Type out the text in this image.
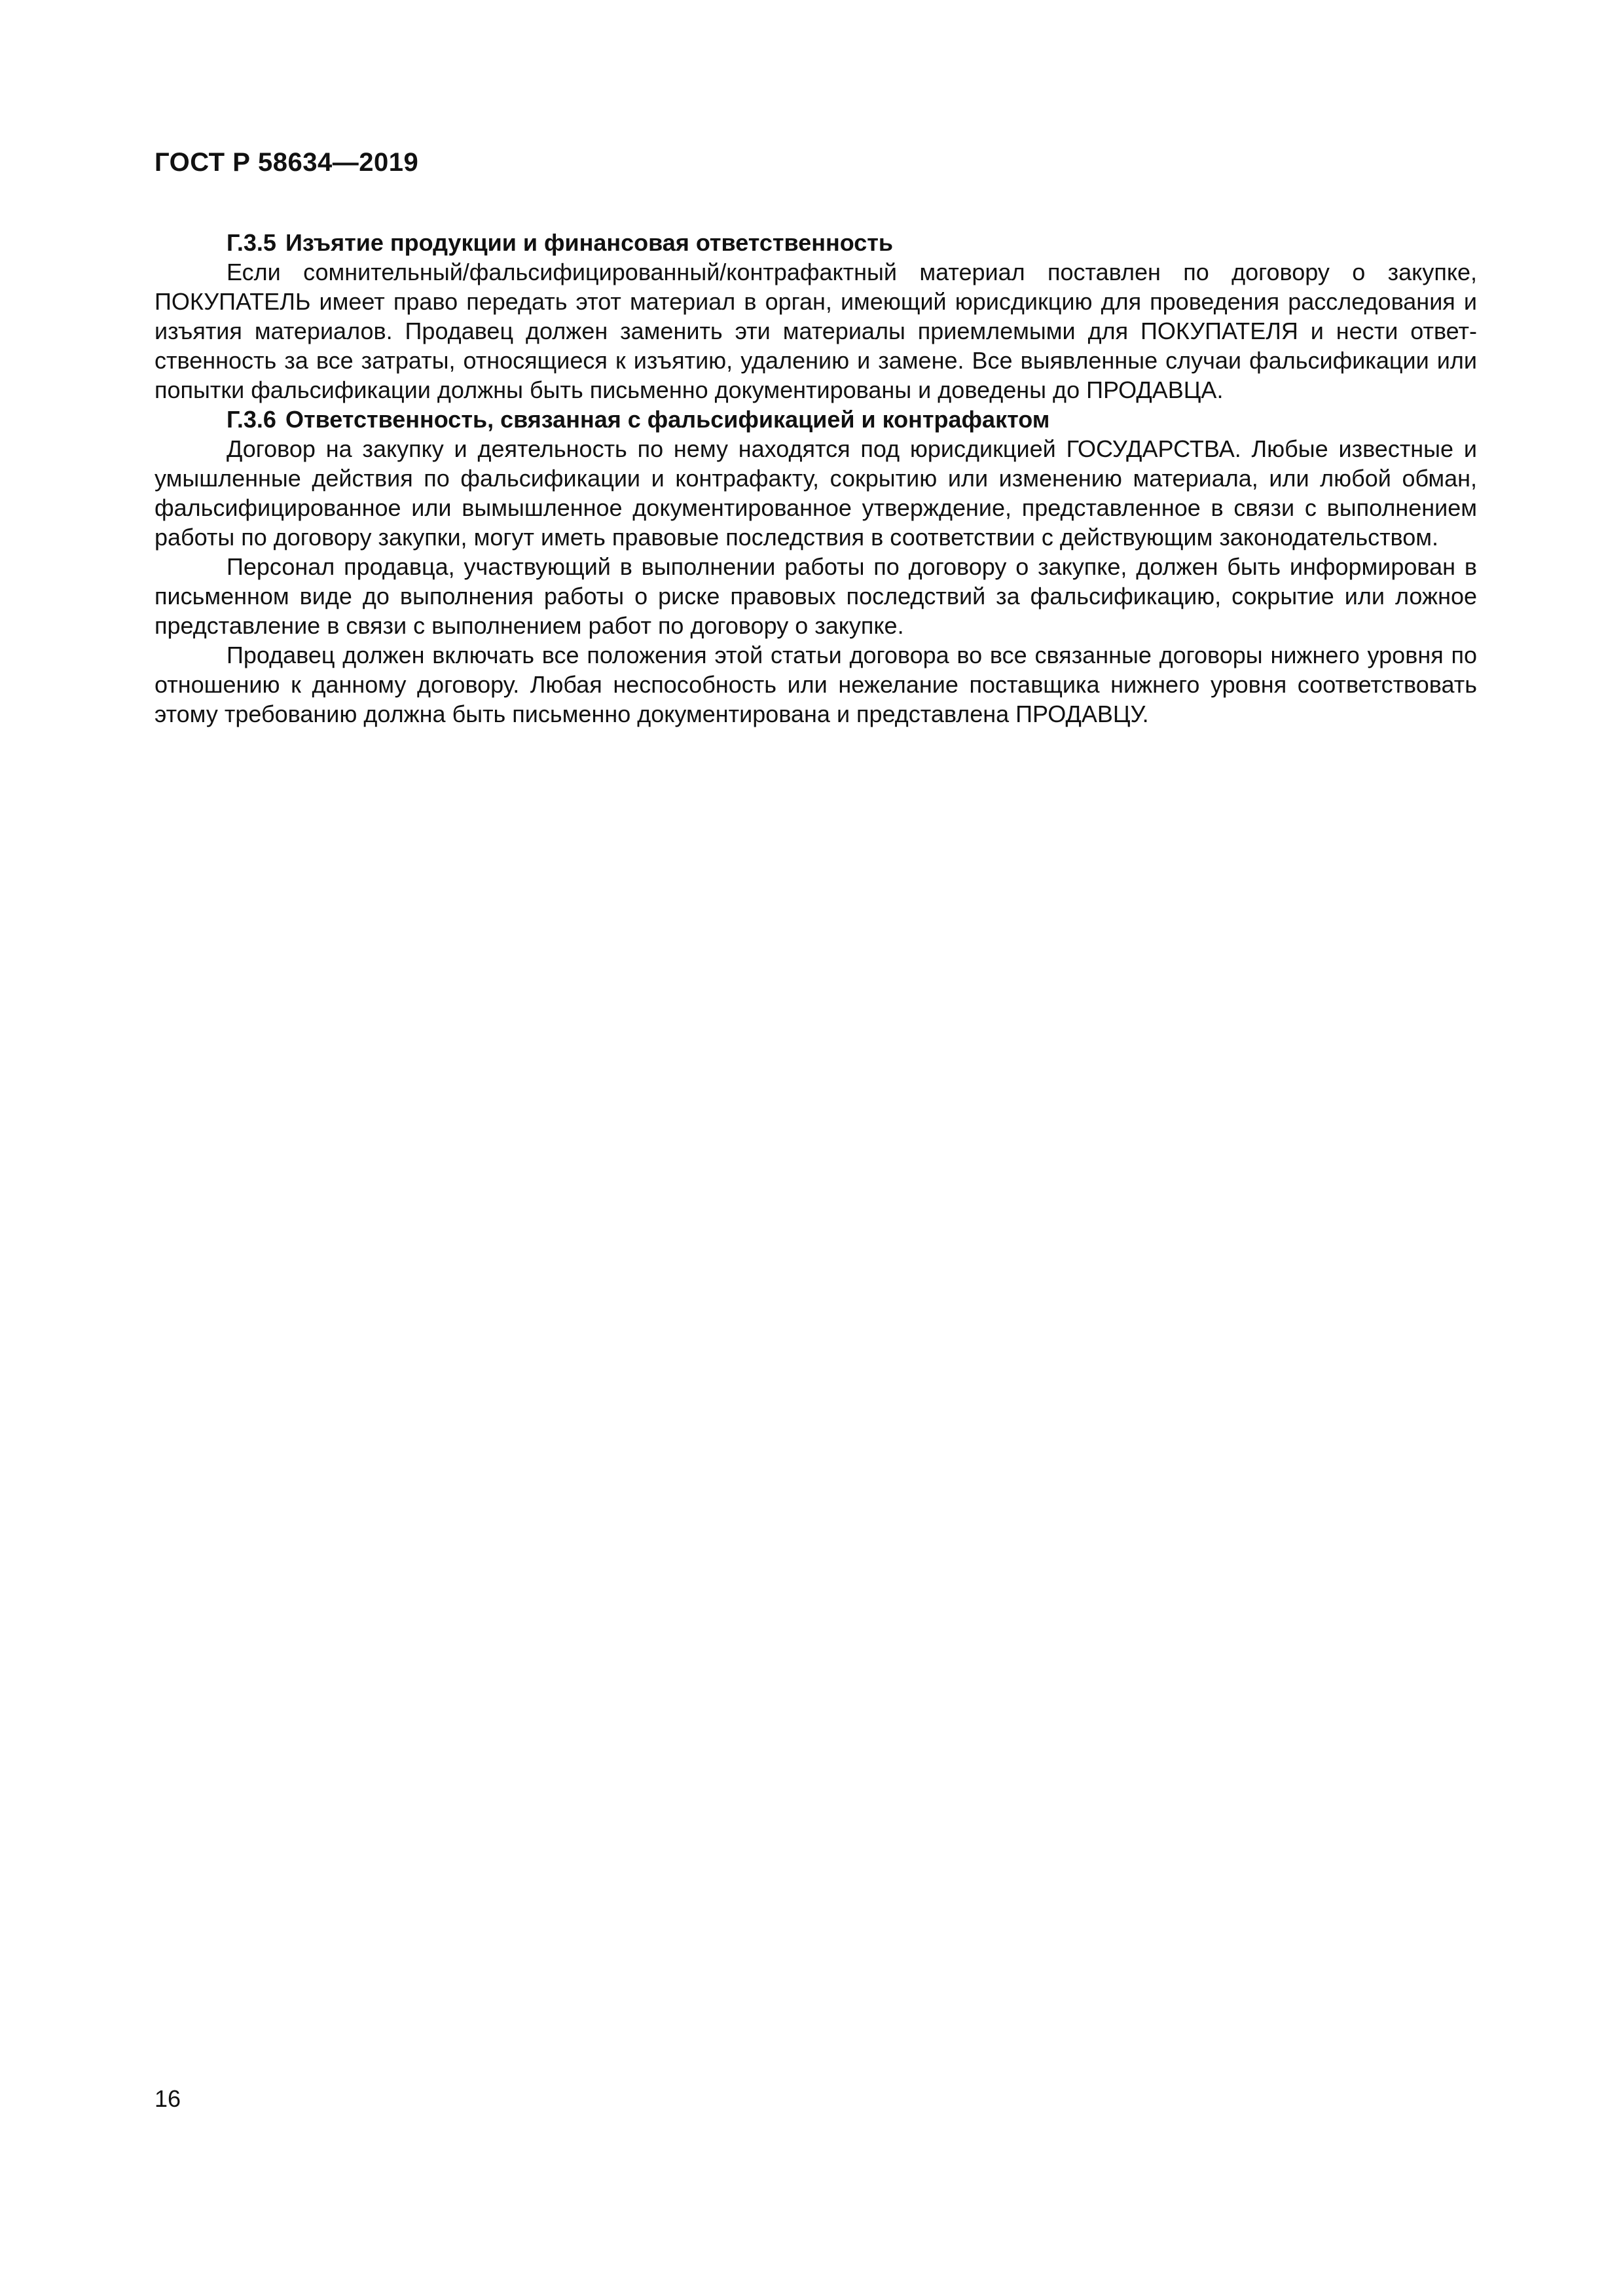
ГОСТ Р 58634—2019
Г.3.5 Изъятие продукции и финансовая ответственность

Если сомнительный/фальсифицированный/контрафактный материал поставлен по договору о закупке, ПОКУПАТЕЛЬ имеет право передать этот материал в орган, имеющий юрисдикцию для проведения расследования и изъятия материалов. Продавец должен заменить эти материалы приемлемыми для ПОКУПАТЕЛЯ и нести ответственность за все затраты, относящиеся к изъятию, удалению и замене. Все выявленные случаи фальсификации или попытки фальсификации должны быть письменно документированы и доведены до ПРОДАВЦА.

Г.3.6 Ответственность, связанная с фальсификацией и контрафактом

Договор на закупку и деятельность по нему находятся под юрисдикцией ГОСУДАРСТВА. Любые известные и умышленные действия по фальсификации и контрафакту, сокрытию или изменению материала, или любой обман, фальсифицированное или вымышленное документированное утверждение, представленное в связи с выполнением работы по договору закупки, могут иметь правовые последствия в соответствии с действующим законодательством.

Персонал продавца, участвующий в выполнении работы по договору о закупке, должен быть информирован в письменном виде до выполнения работы о риске правовых последствий за фальсификацию, сокрытие или ложное представление в связи с выполнением работ по договору о закупке.

Продавец должен включать все положения этой статьи договора во все связанные договоры нижнего уровня по отношению к данному договору. Любая неспособность или нежелание поставщика нижнего уровня соответствовать этому требованию должна быть письменно документирована и представлена ПРОДАВЦУ.

16
